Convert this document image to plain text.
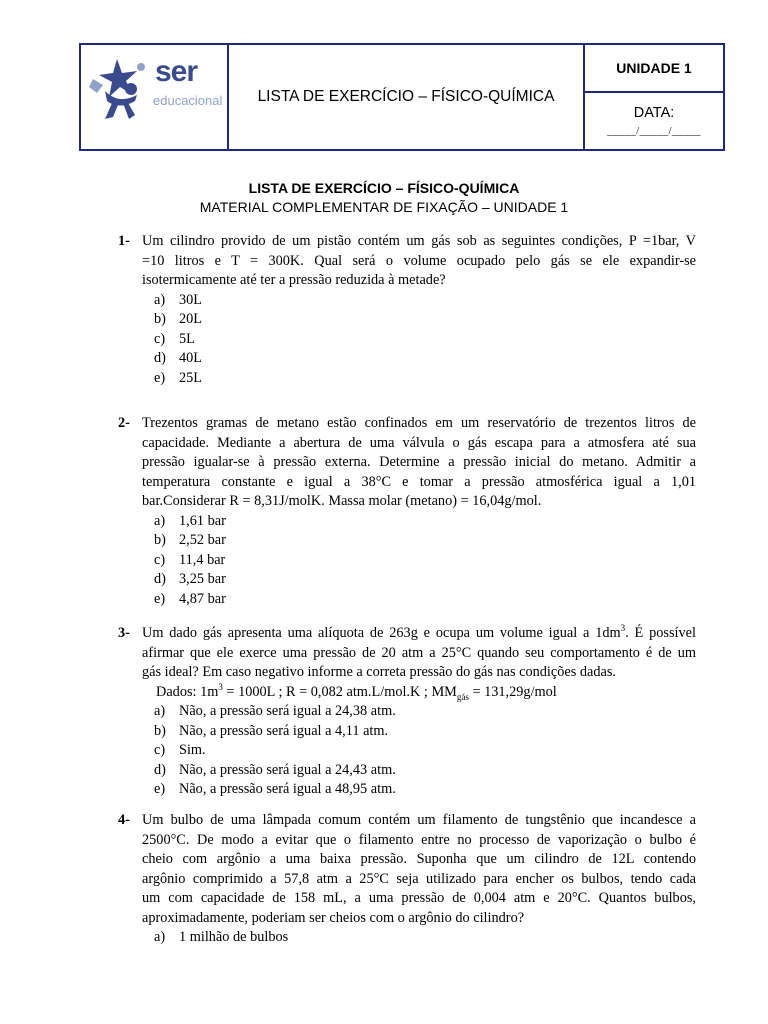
ser
educacional	LISTA DE EXERCÍCIO – FÍSICO-QUÍMICA
UNIDADE 1
DATA:
_____/_____/_____
LISTA DE EXERCÍCIO – FÍSICO-QUÍMICA
MATERIAL COMPLEMENTAR DE FIXAÇÃO – UNIDADE 1
1- Um cilindro provido de um pistão contém um gás sob as seguintes condições, P =1bar, V
=10 litros e T = 300K. Qual será o volume ocupado pelo gás se ele expandir-se
isotermicamente até ter a pressão reduzida à metade?
a) 30L
b) 20L
c) 5L
d) 40L
e) 25L
2- Trezentos gramas de metano estão confinados em um reservatório de trezentos litros de
capacidade. Mediante a abertura de uma válvula o gás escapa para a atmosfera até sua
pressão igualar-se à pressão externa. Determine a pressão inicial do metano. Admitir a
temperatura constante e igual a 38°C e tomar a pressão atmosférica igual a 1,01
bar.Considerar R = 8,31J/molK. Massa molar (metano) = 16,04g/mol.
a) 1,61 bar
b) 2,52 bar
c) 11,4 bar
d) 3,25 bar
e) 4,87 bar
3- Um dado gás apresenta uma alíquota de 263g e ocupa um volume igual a $1dm^3$. É possível
afirmar que ele exerce uma pressão de 20 atm a 25°C quando seu comportamento é de um
gás ideal? Em caso negativo informe a correta pressão do gás nas condições dadas.
Dados: $1m^3 = 1000L$ ; R = 0,082 atm.L/mol.K ; $MM_{gás} = 131,29g/mol$
a) Não, a pressão será igual a 24,38 atm.
b) Não, a pressão será igual a 4,11 atm.
c) Sim.
d) Não, a pressão será igual a 24,43 atm.
e) Não, a pressão será igual a 48,95 atm.
4- Um bulbo de uma lâmpada comum contém um filamento de tungstênio que incandesce a
2500°C. De modo a evitar que o filamento entre no processo de vaporização o bulbo é
cheio com argônio a uma baixa pressão. Suponha que um cilindro de 12L contendo
argônio comprimido a 57,8 atm a 25°C seja utilizado para encher os bulbos, tendo cada
um com capacidade de 158 mL, a uma pressão de 0,004 atm e 20°C. Quantos bulbos,
aproximadamente, poderiam ser cheios com o argônio do cilindro?
a) 1 milhão de bulbos
